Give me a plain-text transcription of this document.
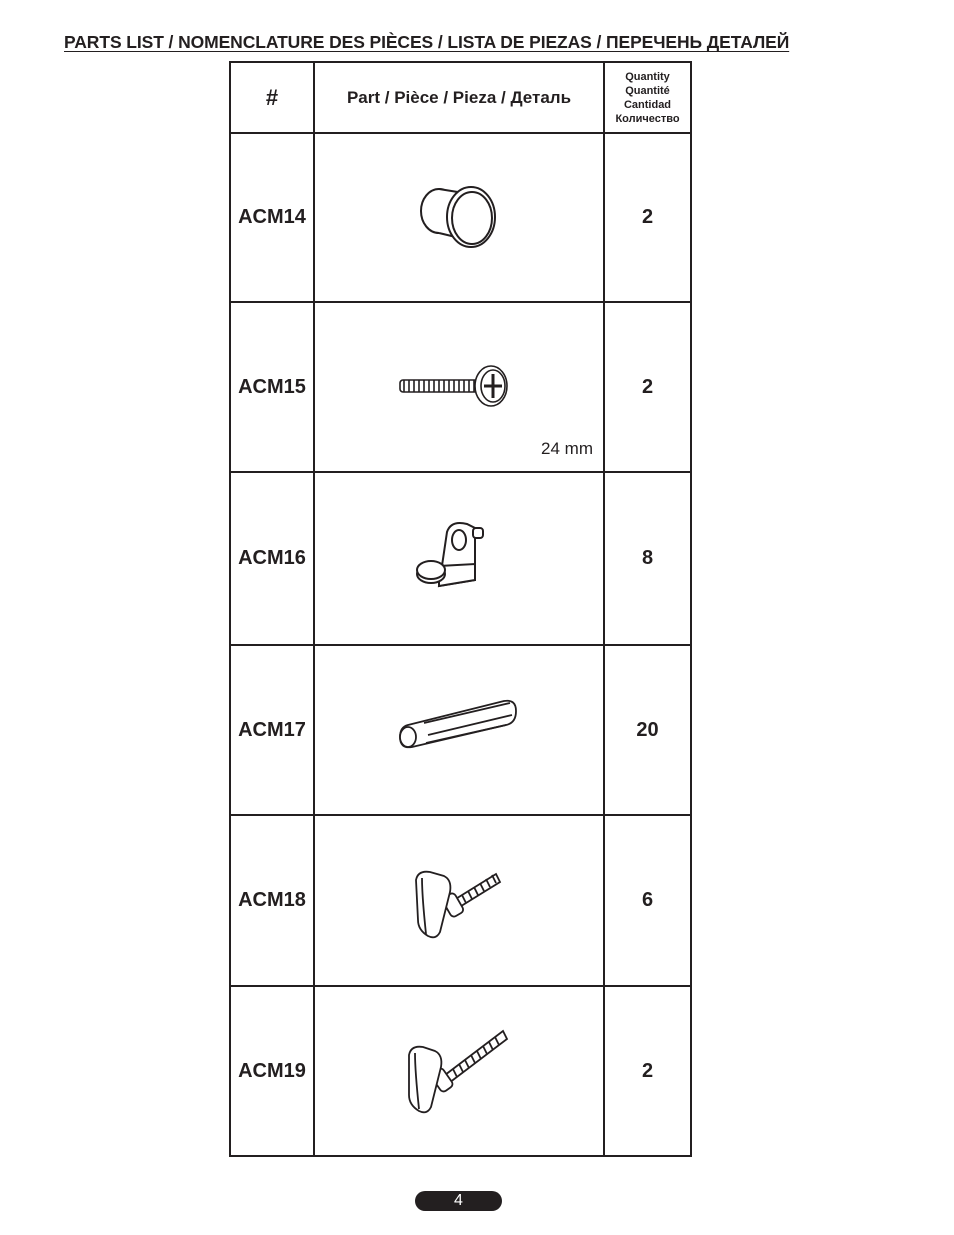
PARTS LIST / NOMENCLATURE DES PIÈCES / LISTA DE PIEZAS / ПЕРЕЧЕНЬ ДЕТАЛЕЙ
#	Part / Pièce / Pieza / Деталь	Quantity
Quantité
Cantidad
Количество

ACM14		2
ACM15	24 mm	2
ACM16		8
ACM17		20
ACM18		6
ACM19		2
4
